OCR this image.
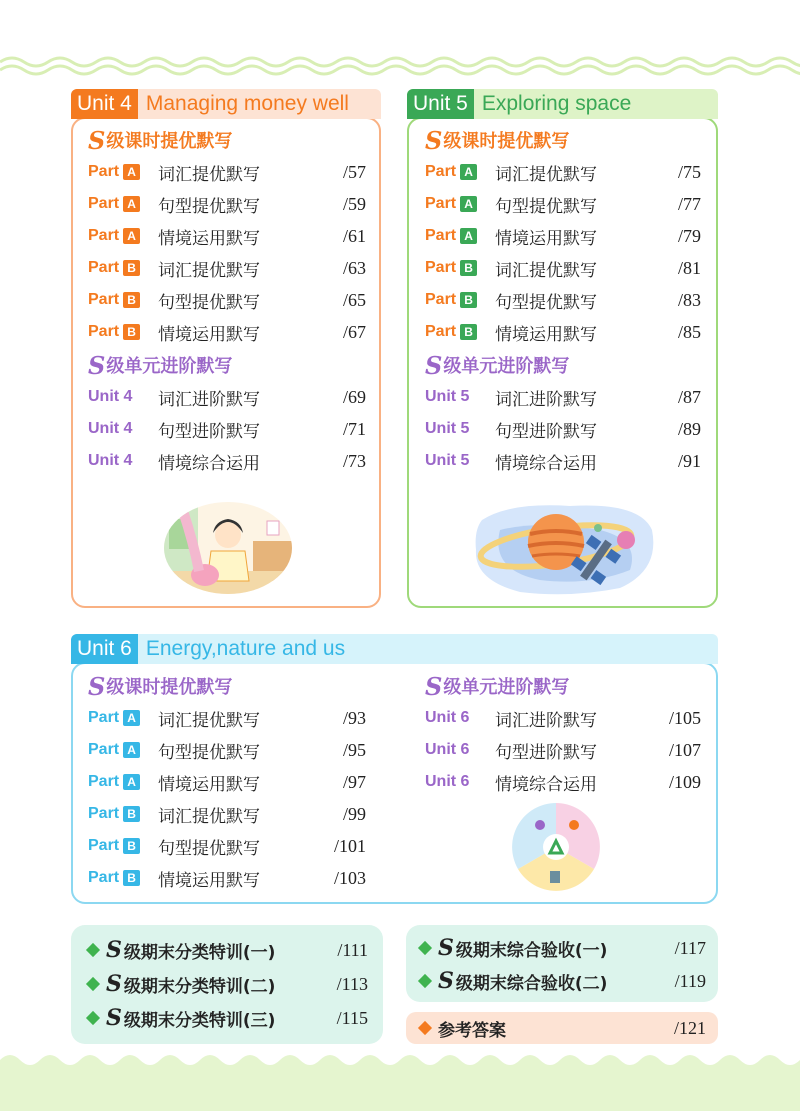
Unit 4 Managing money well
S 级课时提优默写
Part A 词汇提优默写	/57
Part A 句型提优默写	/59
Part A 情境运用默写	/61
Part B 词汇提优默写	/63
Part B 句型提优默写	/65
Part B 情境运用默写	/67
S 级单元进阶默写
Unit 4	词汇进阶默写	/69
Unit 4	句型进阶默写	/71
Unit 4	情境综合运用	/73
Unit 5 Exploring space
S 级课时提优默写
Part A 词汇提优默写	/75
Part A 句型提优默写	/77
Part A 情境运用默写	/79
Part B 词汇提优默写	/81
Part B 句型提优默写	/83
Part B 情境运用默写	/85
S 级单元进阶默写
Unit 5	词汇进阶默写	/87
Unit 5	句型进阶默写	/89
Unit 5	情境综合运用	/91
Unit 6 Energy,nature and us
S 级课时提优默写	S 级单元进阶默写
Part A 词汇提优默写	/93
Part A 句型提优默写	/95
Part A 情境运用默写	/97
Part B 词汇提优默写	/99
Part B 句型提优默写	/101
Part B 情境运用默写	/103
Unit 6	词汇进阶默写	/105
Unit 6	句型进阶默写	/107
Unit 6	情境综合运用	/109
S 级期末分类特训(一)	/111
S 级期末分类特训(二)	/113
S 级期末分类特训(三)	/115
S 级期末综合验收(一)	/117
S 级期末综合验收(二)	/119
参考答案	/121
